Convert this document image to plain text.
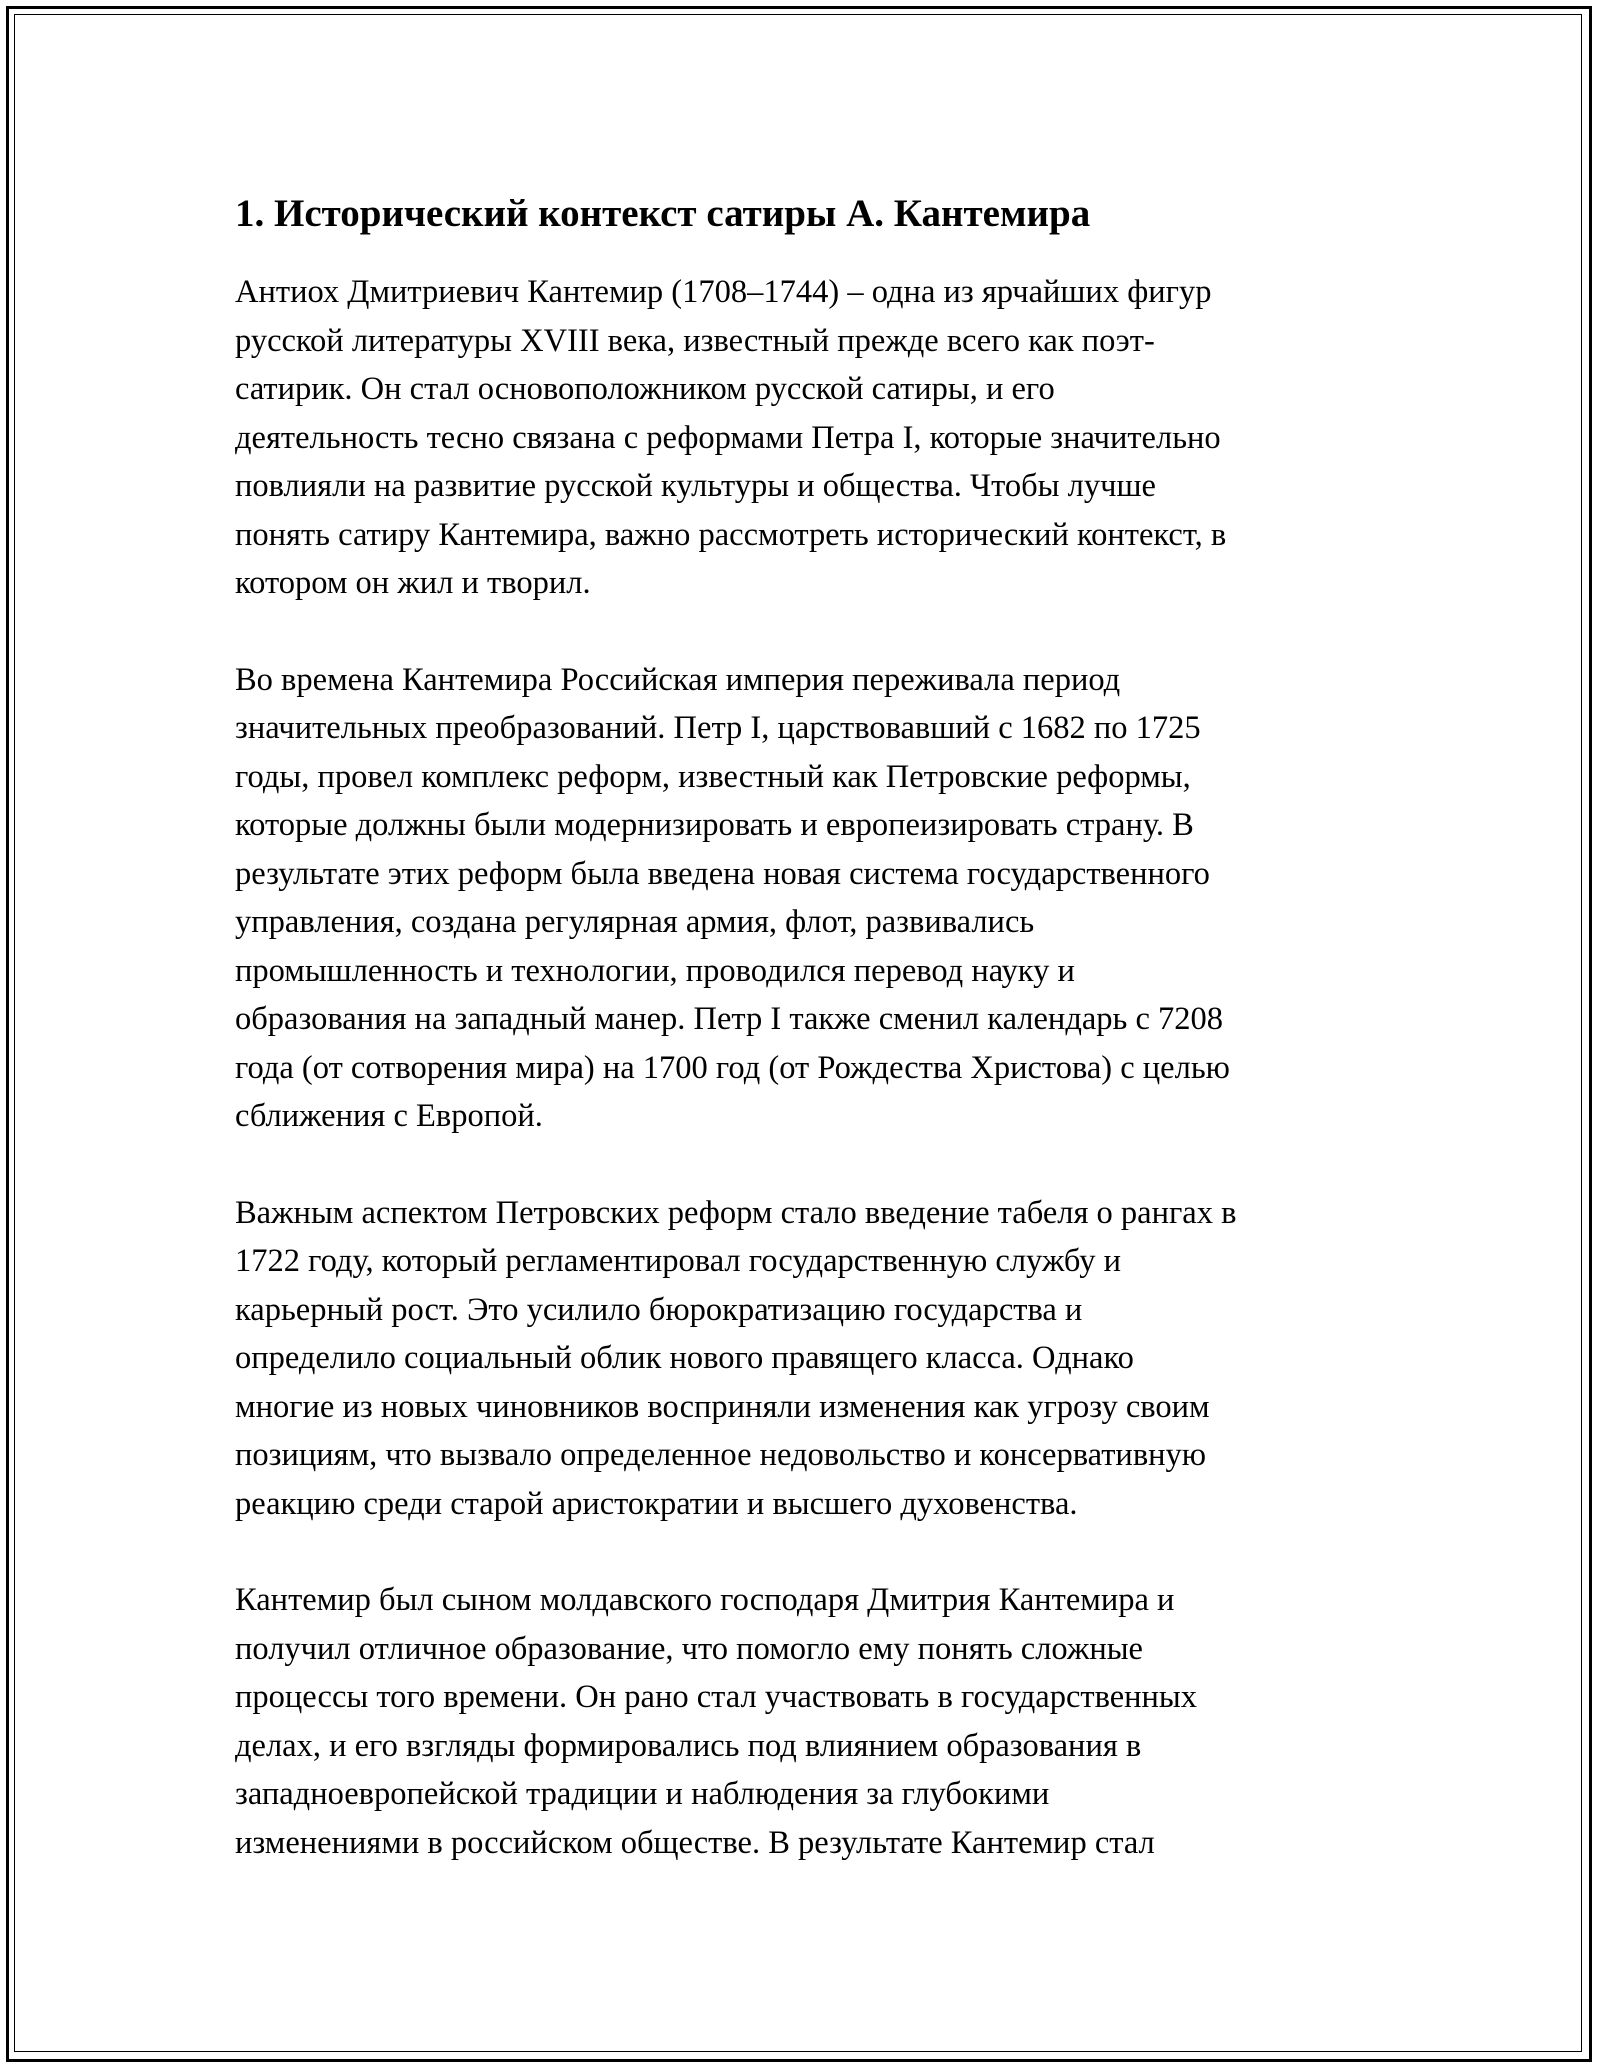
1. Исторический контекст сатиры А. Кантемира

Антиох Дмитриевич Кантемир (1708–1744) – одна из ярчайших фигур
русской литературы XVIII века, известный прежде всего как поэт-
сатирик. Он стал основоположником русской сатиры, и его
деятельность тесно связана с реформами Петра I, которые значительно
повлияли на развитие русской культуры и общества. Чтобы лучше
понять сатиру Кантемира, важно рассмотреть исторический контекст, в
котором он жил и творил.

Во времена Кантемира Российская империя переживала период
значительных преобразований. Петр I, царствовавший с 1682 по 1725
годы, провел комплекс реформ, известный как Петровские реформы,
которые должны были модернизировать и европеизировать страну. В
результате этих реформ была введена новая система государственного
управления, создана регулярная армия, флот, развивались
промышленность и технологии, проводился перевод науку и
образования на западный манер. Петр I также сменил календарь с 7208
года (от сотворения мира) на 1700 год (от Рождества Христова) с целью
сближения с Европой.

Важным аспектом Петровских реформ стало введение табеля о рангах в
1722 году, который регламентировал государственную службу и
карьерный рост. Это усилило бюрократизацию государства и
определило социальный облик нового правящего класса. Однако
многие из новых чиновников восприняли изменения как угрозу своим
позициям, что вызвало определенное недовольство и консервативную
реакцию среди старой аристократии и высшего духовенства.

Кантемир был сыном молдавского господаря Дмитрия Кантемира и
получил отличное образование, что помогло ему понять сложные
процессы того времени. Он рано стал участвовать в государственных
делах, и его взгляды формировались под влиянием образования в
западноевропейской традиции и наблюдения за глубокими
изменениями в российском обществе. В результате Кантемир стал
